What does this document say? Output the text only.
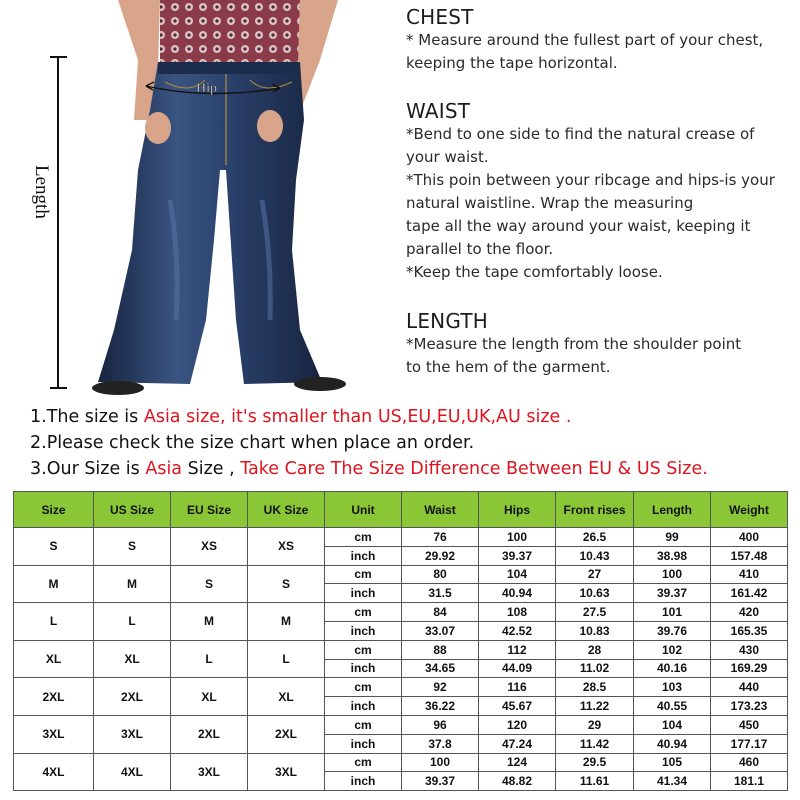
Hip
Length
CHEST
* Measure around the fullest part of your chest,
keeping the tape horizontal.
WAIST
*Bend to one side to find the natural crease of
your waist.
*This poin between your ribcage and hips-is your
natural waistline. Wrap the measuring
tape all the way around your waist, keeping it
parallel to the floor.
*Keep the tape comfortably loose.
LENGTH
*Measure the length from the shoulder point
to the hem of the garment.
1.The size is Asia size, it's smaller than US,EU,EU,UK,AU size .
2.Please check the size chart when place an order.
3.Our Size is Asia Size , Take Care The Size Difference Between EU & US Size.
Size	US Size	EU Size	UK Size	Unit	Waist	Hips	Front rises	Length	Weight
S	S	XS	XS	cm	76	100	26.5	99	400
				inch	29.92	39.37	10.43	38.98	157.48
M	M	S	S	cm	80	104	27	100	410
				inch	31.5	40.94	10.63	39.37	161.42
L	L	M	M	cm	84	108	27.5	101	420
				inch	33.07	42.52	10.83	39.76	165.35
XL	XL	L	L	cm	88	112	28	102	430
				inch	34.65	44.09	11.02	40.16	169.29
2XL	2XL	XL	XL	cm	92	116	28.5	103	440
				inch	36.22	45.67	11.22	40.55	173.23
3XL	3XL	2XL	2XL	cm	96	120	29	104	450
				inch	37.8	47.24	11.42	40.94	177.17
4XL	4XL	3XL	3XL	cm	100	124	29.5	105	460
				inch	39.37	48.82	11.61	41.34	181.1
